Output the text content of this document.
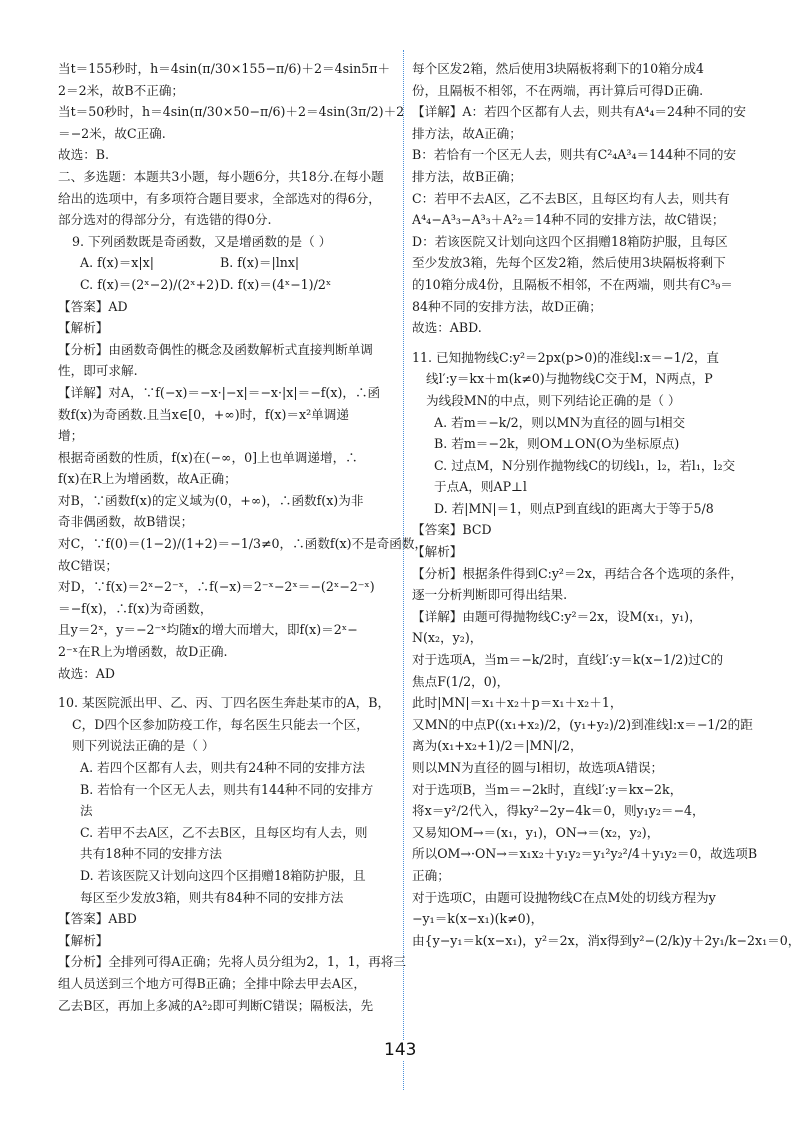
当t＝155秒时，h＝4sin(π/30×155−π/6)＋2＝4sin5π＋
2＝2米，故B不正确；
当t＝50秒时，h＝4sin(π/30×50−π/6)＋2＝4sin(3π/2)＋2
＝−2米，故C正确.
故选：B.
二、多选题：本题共3小题，每小题6分，共18分.在每小题
给出的选项中，有多项符合题目要求，全部选对的得6分，
部分选对的得部分分，有选错的得0分.
9. 下列函数既是奇函数，又是增函数的是（ ）
A. f(x)＝x|x|	B. f(x)＝|lnx|
C. f(x)＝(2ˣ−2)/(2ˣ+2) D. f(x)＝(4ˣ−1)/2ˣ
【答案】AD
【解析】
【分析】由函数奇偶性的概念及函数解析式直接判断单调
性，即可求解.
【详解】对A，∵f(−x)＝−x·|−x|＝−x·|x|＝−f(x)，∴函
数f(x)为奇函数.且当x∈[0，+∞)时，f(x)＝x²单调递
增；
根据奇函数的性质，f(x)在(−∞，0]上也单调递增，∴
f(x)在R上为增函数，故A正确；
对B，∵函数f(x)的定义域为(0，+∞)，∴函数f(x)为非
奇非偶函数，故B错误；
对C，∵f(0)＝(1−2)/(1+2)＝−1/3≠0，∴函数f(x)不是奇函数，
故C错误；
对D，∵f(x)＝2ˣ−2⁻ˣ，∴f(−x)＝2⁻ˣ−2ˣ＝−(2ˣ−2⁻ˣ)
＝−f(x)，∴f(x)为奇函数，
且y＝2ˣ，y＝−2⁻ˣ均随x的增大而增大，即f(x)＝2ˣ−
2⁻ˣ在R上为增函数，故D正确.
故选：AD
10. 某医院派出甲、乙、丙、丁四名医生奔赴某市的A，B，
C，D四个区参加防疫工作，每名医生只能去一个区，
则下列说法正确的是（ ）
A. 若四个区都有人去，则共有24种不同的安排方法
B. 若恰有一个区无人去，则共有144种不同的安排方
法
C. 若甲不去A区，乙不去B区，且每区均有人去，则
共有18种不同的安排方法
D. 若该医院又计划向这四个区捐赠18箱防护服，且
每区至少发放3箱，则共有84种不同的安排方法
【答案】ABD
【解析】
【分析】全排列可得A正确；先将人员分组为2，1，1，再将三
组人员送到三个地方可得B正确；全排中除去甲去A区，
乙去B区，再加上多减的A²₂即可判断C错误；隔板法，先
每个区发2箱，然后使用3块隔板将剩下的10箱分成4
份，且隔板不相邻，不在两端，再计算后可得D正确.
【详解】A：若四个区都有人去，则共有A⁴₄＝24种不同的安
排方法，故A正确；
B：若恰有一个区无人去，则共有C²₄A³₄＝144种不同的安
排方法，故B正确；
C：若甲不去A区，乙不去B区，且每区均有人去，则共有
A⁴₄−A³₃−A³₃＋A²₂＝14种不同的安排方法，故C错误；
D：若该医院又计划向这四个区捐赠18箱防护服，且每区
至少发放3箱，先每个区发2箱，然后使用3块隔板将剩下
的10箱分成4份，且隔板不相邻，不在两端，则共有C³₉＝
84种不同的安排方法，故D正确；
故选：ABD.
11. 已知抛物线C:y²＝2px(p>0)的准线l:x＝−1/2，直
线l′:y＝kx＋m(k≠0)与抛物线C交于M，N两点，P
为线段MN的中点，则下列结论正确的是（ ）
A. 若m＝−k/2，则以MN为直径的圆与l相交
B. 若m＝−2k，则OM⊥ON(O为坐标原点)
C. 过点M，N分别作抛物线C的切线l₁，l₂，若l₁，l₂交
于点A，则AP⊥l
D. 若|MN|＝1，则点P到直线l的距离大于等于5/8
【答案】BCD
【解析】
【分析】根据条件得到C:y²＝2x，再结合各个选项的条件，
逐一分析判断即可得出结果.
【详解】由题可得抛物线C:y²＝2x，设M(x₁，y₁)，
N(x₂，y₂)，
对于选项A，当m＝−k/2时，直线l′:y＝k(x−1/2)过C的
焦点F(1/2，0)，
此时|MN|＝x₁＋x₂＋p＝x₁＋x₂＋1，
又MN的中点P((x₁+x₂)/2，(y₁+y₂)/2)到准线l:x＝−1/2的距
离为(x₁+x₂+1)/2＝|MN|/2，
则以MN为直径的圆与l相切，故选项A错误；
对于选项B，当m＝−2k时，直线l′:y＝kx−2k，
将x＝y²/2代入，得ky²−2y−4k＝0，则y₁y₂＝−4，
又易知OM→＝(x₁，y₁)，ON→＝(x₂，y₂)，
所以OM→·ON→＝x₁x₂＋y₁y₂＝y₁²y₂²/4＋y₁y₂＝0，故选项B
正确；
对于选项C，由题可设抛物线C在点M处的切线方程为y
−y₁＝k(x−x₁)(k≠0)，
由{y−y₁＝k(x−x₁)，y²＝2x，消x得到y²−(2/k)y＋2y₁/k−2x₁＝0，
143
